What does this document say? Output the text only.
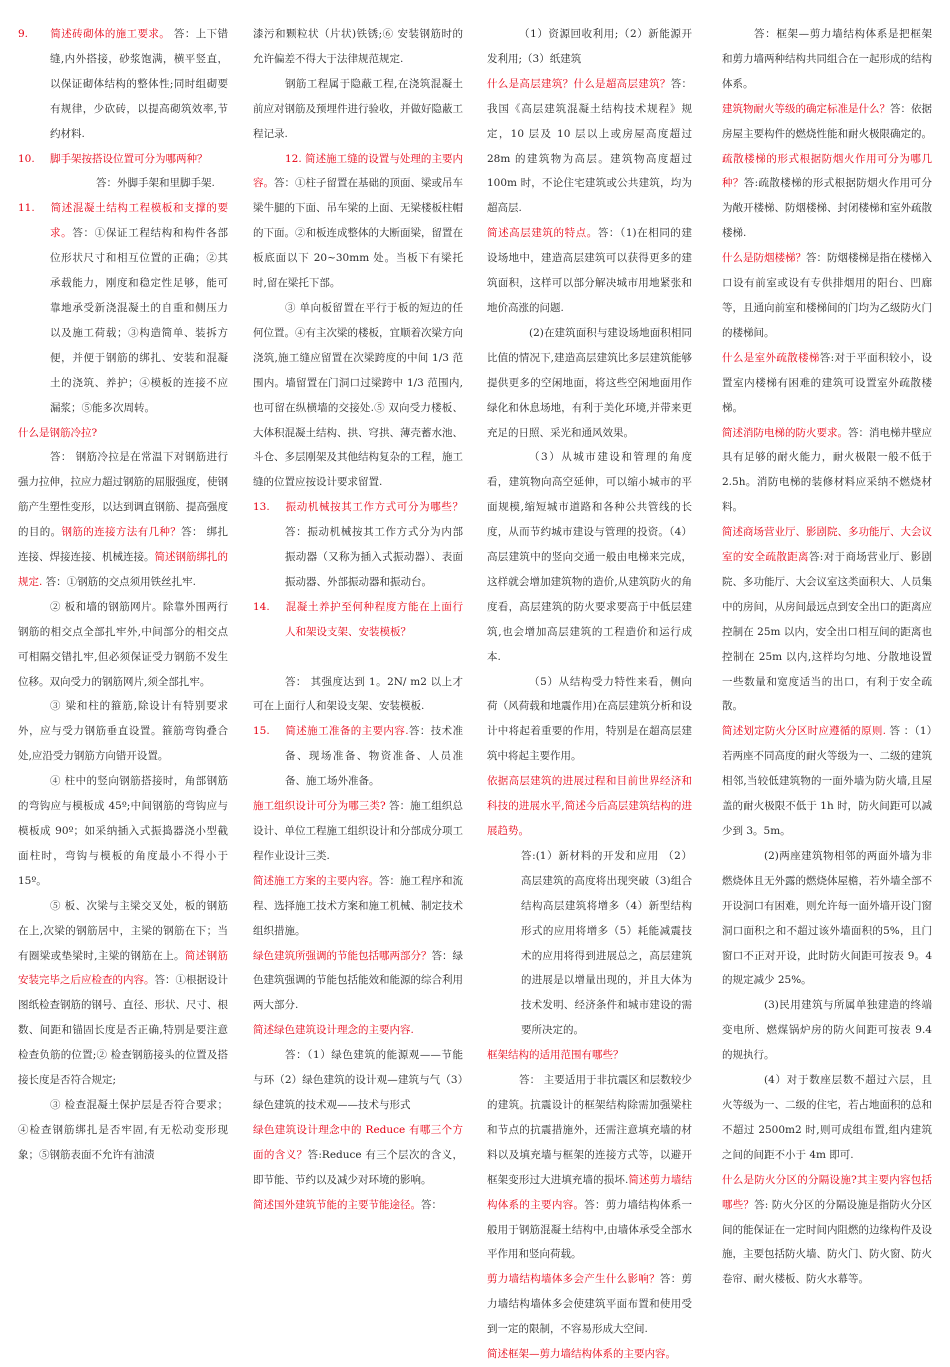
9. 简述砖砌体的施工要求。 答：上下错缝,内外搭接，砂浆饱满，横平竖直，以保证砌体结构的整体性;同时组砌要有规律，少砍砖，以提高砌筑效率,节约材料.

10. 脚手架按搭设位置可分为哪两种？

答：外脚手架和里脚手架.

11. 简述混凝土结构工程模板和支撑的要求。答：①保证工程结构和构件各部位形状尺寸和相互位置的正确；②其承载能力，刚度和稳定性足够，能可靠地承受新浇混凝土的自重和侧压力以及施工荷载；③构造简单、装拆方便，并便于钢筋的绑扎、安装和混凝土的浇筑、养护；④模板的连接不应漏浆；⑤能多次周转。

什么是钢筋冷拉?

答： 钢筋冷拉是在常温下对钢筋进行强力拉伸，拉应力超过钢筋的屈服强度，使钢筋产生塑性变形，以达到调直钢筋、提高强度的目的。钢筋的连接方法有几种？答： 绑扎连接、焊接连接、机械连接。简述钢筋绑扎的规定. 答：①钢筋的交点须用铁丝扎牢.

② 板和墙的钢筋网片。除靠外围两行钢筋的相交点全部扎牢外,中间部分的相交点可相隔交错扎牢,但必须保证受力钢筋不发生位移。双向受力的钢筋网片,须全部扎牢。

③ 梁和柱的箍筋,除设计有特别要求外，应与受力钢筋垂直设置。箍筋弯钩叠合处,应沿受力钢筋方向错开设置。

④ 柱中的竖向钢筋搭接时，角部钢筋的弯钩应与模板成 45º;中间钢筋的弯钩应与模板成 90º；如采纳插入式振捣器浇小型截面柱时，弯钩与模板的角度最小不得小于 15º。

⑤ 板、次梁与主梁交叉处，板的钢筋在上,次梁的钢筋居中，主梁的钢筋在下；当有圈梁或垫梁时,主梁的钢筋在上。简述钢筋安装完毕之后应检查的内容。答：①根据设计图纸检查钢筋的钢号、直径、形状、尺寸、根数、间距和锚固长度是否正确,特别是要注意检查负筋的位置;② 检查钢筋接头的位置及搭接长度是否符合规定;

③ 检查混凝土保护层是否符合要求；④检查钢筋绑扎是否牢固,有无松动变形现象；⑤钢筋表面不允许有油渍

漆污和颗粒状（片状)铁锈;⑥ 安装钢筋时的允许偏差不得大于法律规范规定.

钢筋工程属于隐蔽工程,在浇筑混凝土前应对钢筋及预埋件进行验收，并做好隐蔽工程记录.

12. 简述施工缝的设置与处理的主要内容。答：①柱子留置在基础的顶面、梁或吊车梁牛腿的下面、吊车梁的上面、无梁楼板柱帽的下面。②和板连成整体的大断面梁，留置在板底面以下 20~30mm 处。当板下有梁托时,留在梁托下部。

③ 单向板留置在平行于板的短边的任何位置。④有主次梁的楼板，宜顺着次梁方向浇筑,施工缝应留置在次梁跨度的中间 1/3 范围内。墙留置在门洞口过梁跨中 1/3 范围内,也可留在纵横墙的交接处.⑤ 双向受力楼板、大体积混凝土结构、拱、穹拱、薄壳蓄水池、斗仓、多层刚架及其他结构复杂的工程，施工缝的位置应按设计要求留置.

13. 振动机械按其工作方式可分为哪些？答：振动机械按其工作方式分为内部振动器（又称为插入式振动器）、表面振动器、外部振动器和振动台。

14. 混凝土养护至何种程度方能在上面行人和架设支架、安装模板？

答： 其强度达到 1。2N/ m2 以上才可在上面行人和架设支架、安装模板.

15. 简述施工准备的主要内容.答：技术准备、现场准备、物资准备、人员准备、施工场外准备。

施工组织设计可分为哪三类? 答：施工组织总设计、单位工程施工组织设计和分部成分项工程作业设计三类.

简述施工方案的主要内容。答：施工程序和流程、选择施工技术方案和施工机械、制定技术组织措施。

绿色建筑所强调的节能包括哪两部分？答：绿色建筑强调的节能包括能效和能源的综合利用两大部分.

简述绿色建筑设计理念的主要内容.

答：（1）绿色建筑的能源观——节能与环（2）绿色建筑的设计观—建筑与气（3）绿色建筑的技术观——技术与形式

绿色建筑设计理念中的 Reduce 有哪三个方面的含义？答:Reduce 有三个层次的含义，即节能、节约以及减少对环境的影响。

简述国外建筑节能的主要节能途径。答：

（1）资源回收利用;（2）新能源开发利用;（3）纸建筑

什么是高层建筑？什么是超高层建筑？答：我国《高层建筑混凝土结构技术规程》规定，10 层及 10 层以上或房屋高度超过 28m 的建筑物为高层。建筑物高度超过 100m 时，不论住宅建筑或公共建筑，均为超高层.

简述高层建筑的特点。答：（1)在相同的建设场地中，建造高层建筑可以获得更多的建筑面积，这样可以部分解决城市用地紧张和地价高涨的问题.

(2)在建筑面积与建设场地面积相同比值的情况下,建造高层建筑比多层建筑能够提供更多的空闲地面，将这些空闲地面用作绿化和休息场地，有利于美化环境,并带来更充足的日照、采光和通风效果。

（3）从城市建设和管理的角度看，建筑物向高空延伸，可以缩小城市的平面规模,缩短城市道路和各种公共管线的长度，从而节约城市建设与管理的投资。（4）高层建筑中的竖向交通一般由电梯来完成，这样就会增加建筑物的造价,从建筑防火的角度看，高层建筑的防火要求要高于中低层建筑,也会增加高层建筑的工程造价和运行成本.

（5）从结构受力特性来看，侧向荷（风荷载和地震作用)在高层建筑分析和设计中将起着重要的作用，特别是在超高层建筑中将起主要作用。

依据高层建筑的进展过程和目前世界经济和科技的进展水平,简述今后高层建筑结构的进展趋势。

答:(1）新材料的开发和应用 （2）高层建筑的高度将出现突破（3)组合结构高层建筑将增多（4）新型结构形式的应用将增多（5）耗能减震技术的应用将得到进展总之，高层建筑的进展是以增量出现的，并且大体为技术发明、经济条件和城市建设的需要所决定的。

框架结构的适用范围有哪些？

答： 主要适用于非抗震区和层数较少的建筑。抗震设计的框架结构除需加强梁柱和节点的抗震措施外，还需注意填充墙的材料以及填充墙与框架的连接方式等，以避开框架变形过大进填充墙的损坏.简述剪力墙结构体系的主要内容。答：剪力墙结构体系一般用于钢筋混凝土结构中,由墙体承受全部水平作用和竖向荷载。

剪力墙结构墙体多会产生什么影响？答：剪力墙结构墙体多会使建筑平面布置和使用受到一定的限制，不容易形成大空间.

简述框架—剪力墙结构体系的主要内容。

答：框架—剪力墙结构体系是把框架和剪力墙两种结构共同组合在一起形成的结构体系。

建筑物耐火等级的确定标准是什么？答：依据房屋主要构件的燃烧性能和耐火极限确定的。

疏散楼梯的形式根据防烟火作用可分为哪几种？答:疏散楼梯的形式根据防烟火作用可分为敞开楼梯、防烟楼梯、封闭楼梯和室外疏散楼梯.

什么是防烟楼梯？答：防烟楼梯是指在楼梯入口设有前室或设有专供排烟用的阳台、凹廊等，且通向前室和楼梯间的门均为乙级防火门的楼梯间。

什么是室外疏散楼梯答:对于平面积较小，设置室内楼梯有困难的建筑可设置室外疏散楼梯。

简述消防电梯的防火要求。答：消电梯井壁应具有足够的耐火能力，耐火极限一般不低于 2.5h。消防电梯的装修材料应采纳不燃烧材料。

简述商场营业厅、影剧院、多功能厅、大会议室的安全疏散距离答:对于商场营业厅、影剧院、多功能厅、大会议室这类面积大、人员集中的房间，从房间最远点到安全出口的距离应控制在 25m 以内，安全出口相互间的距离也控制在 25m 以内,这样均匀地、分散地设置一些数量和宽度适当的出口，有利于安全疏散。

简述划定防火分区时应遵循的原则. 答 ：（1）若两座不同高度的耐火等级为一、二级的建筑相邻,当较低建筑物的一面外墙为防火墙,且屋盖的耐火极限不低于 1h 时，防火间距可以减少到 3。5m。

(2)两座建筑物相邻的两面外墙为非燃烧体且无外露的燃烧体屋檐，若外墙全部不开设洞口有困难，则允许每一面外墙开设门窗洞口面积之和不超过该外墙面积的5%，且门窗口不正对开设，此时防火间距可按表 9。4 的规定减少 25%。

(3)民用建筑与所属单独建造的终端变电所、燃煤锅炉房的防火间距可按表 9.4 的规执行。

(4）对于数座层数不超过六层，且火等级为一、二级的住宅，若占地面积的总和不超过 2500m2 时,则可成组布置,组内建筑之间的间距不小于 4m 即可.

什么是防火分区的分隔设施?其主要内容包括哪些？答: 防火分区的分隔设施是指防火分区间的能保证在一定时间内阻燃的边缘构件及设施，主要包括防火墙、防火门、防火窗、防火卷帘、耐火楼板、防火水幕等。
